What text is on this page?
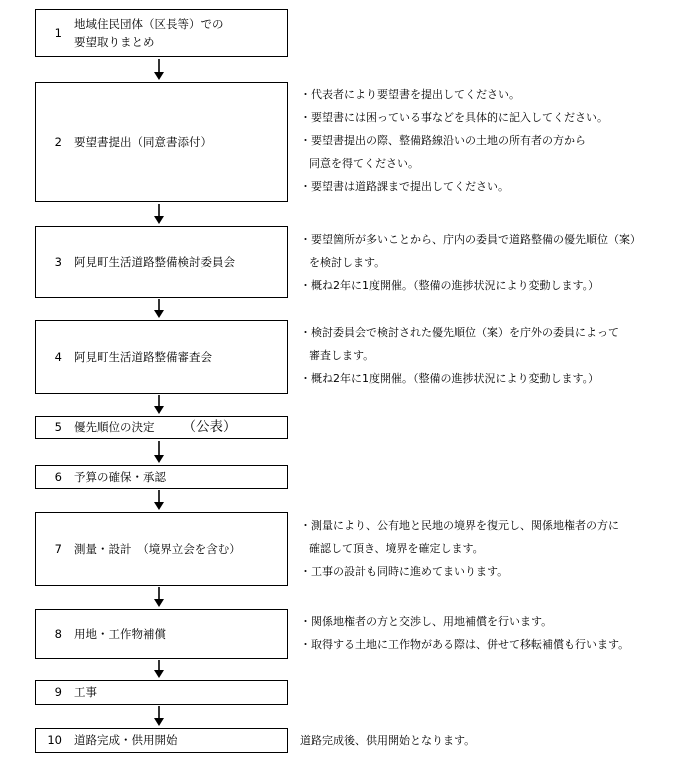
1
地域住民団体（区長等）での
要望取りまとめ
2 要望書提出（同意書添付）
3 阿見町生活道路整備検討委員会
4 阿見町生活道路整備審査会
5 優先順位の決定 （公表）
6 予算の確保・承認
7 測量・設計　（境界立会を含む）
8 用地・工作物補償
9 工事
10 道路完成・供用開始
・代表者により要望書を提出してください。
・要望書には困っている事などを具体的に記入してください。
・要望書提出の際、整備路線沿いの土地の所有者の方から
同意を得てください。
・要望書は道路課まで提出してください。
・要望箇所が多いことから、庁内の委員で道路整備の優先順位（案）
を検討します。
・概ね2年に1度開催。（整備の進捗状況により変動します。）
・検討委員会で検討された優先順位（案）を庁外の委員によって
審査します。
・概ね2年に1度開催。（整備の進捗状況により変動します。）
・測量により、公有地と民地の境界を復元し、関係地権者の方に
確認して頂き、境界を確定します。
・工事の設計も同時に進めてまいります。
・関係地権者の方と交渉し、用地補償を行います。
・取得する土地に工作物がある際は、併せて移転補償も行います。
道路完成後、供用開始となります。
